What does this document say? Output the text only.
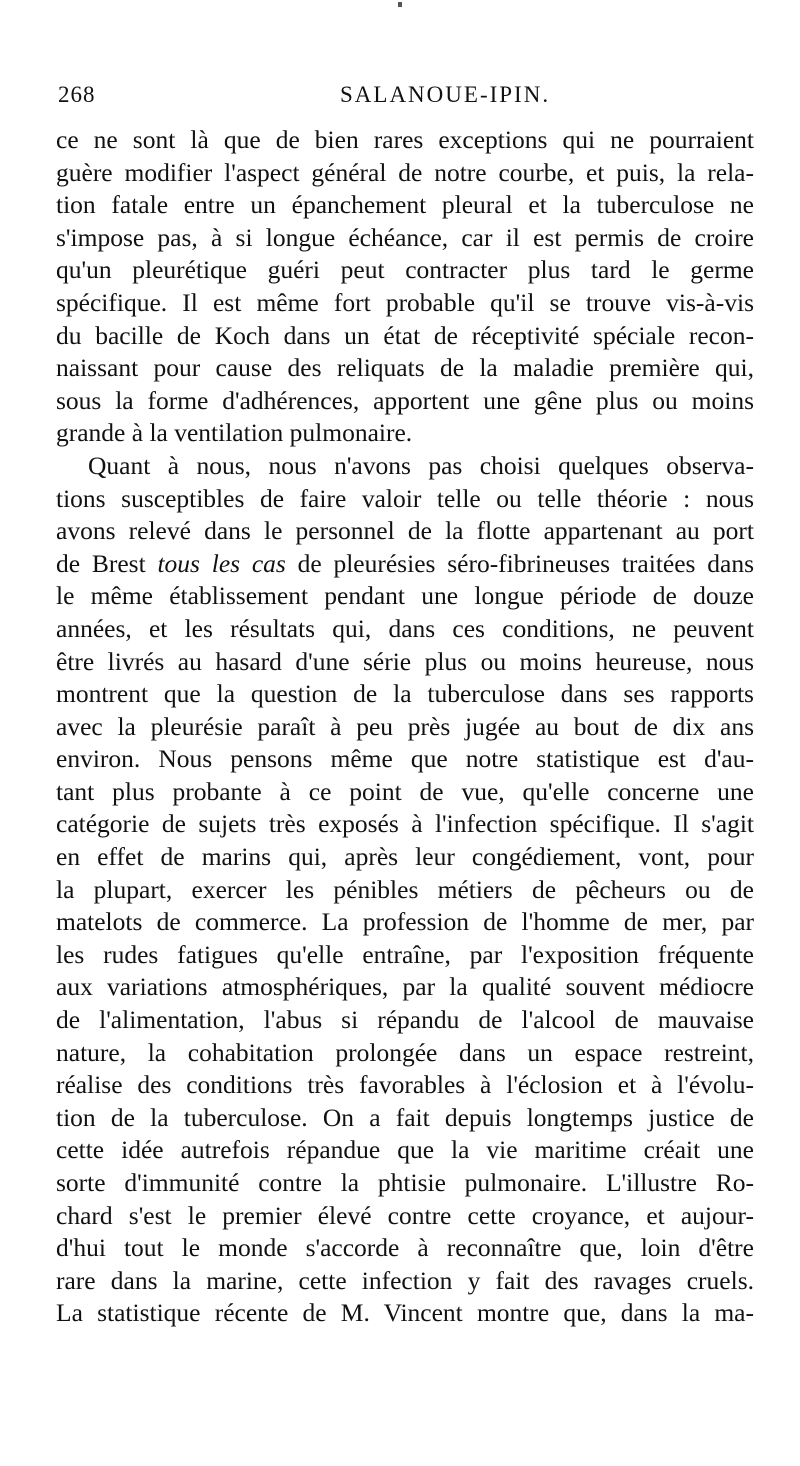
268	SALANOUE-IPIN.
ce ne sont là que de bien rares exceptions qui ne pourraient
guère modifier l'aspect général de notre courbe, et puis, la rela-
tion fatale entre un épanchement pleural et la tuberculose ne
s'impose pas, à si longue échéance, car il est permis de croire
qu'un pleurétique guéri peut contracter plus tard le germe
spécifique. Il est même fort probable qu'il se trouve vis-à-vis
du bacille de Koch dans un état de réceptivité spéciale recon-
naissant pour cause des reliquats de la maladie première qui,
sous la forme d'adhérences, apportent une gêne plus ou moins
grande à la ventilation pulmonaire.
Quant à nous, nous n'avons pas choisi quelques observa-
tions susceptibles de faire valoir telle ou telle théorie : nous
avons relevé dans le personnel de la flotte appartenant au port
de Brest tous les cas de pleurésies séro-fibrineuses traitées dans
le même établissement pendant une longue période de douze
années, et les résultats qui, dans ces conditions, ne peuvent
être livrés au hasard d'une série plus ou moins heureuse, nous
montrent que la question de la tuberculose dans ses rapports
avec la pleurésie paraît à peu près jugée au bout de dix ans
environ. Nous pensons même que notre statistique est d'au-
tant plus probante à ce point de vue, qu'elle concerne une
catégorie de sujets très exposés à l'infection spécifique. Il s'agit
en effet de marins qui, après leur congédiement, vont, pour
la plupart, exercer les pénibles métiers de pêcheurs ou de
matelots de commerce. La profession de l'homme de mer, par
les rudes fatigues qu'elle entraîne, par l'exposition fréquente
aux variations atmosphériques, par la qualité souvent médiocre
de l'alimentation, l'abus si répandu de l'alcool de mauvaise
nature, la cohabitation prolongée dans un espace restreint,
réalise des conditions très favorables à l'éclosion et à l'évolu-
tion de la tuberculose. On a fait depuis longtemps justice de
cette idée autrefois répandue que la vie maritime créait une
sorte d'immunité contre la phtisie pulmonaire. L'illustre Ro-
chard s'est le premier élevé contre cette croyance, et aujour-
d'hui tout le monde s'accorde à reconnaître que, loin d'être
rare dans la marine, cette infection y fait des ravages cruels.
La statistique récente de M. Vincent montre que, dans la ma-
